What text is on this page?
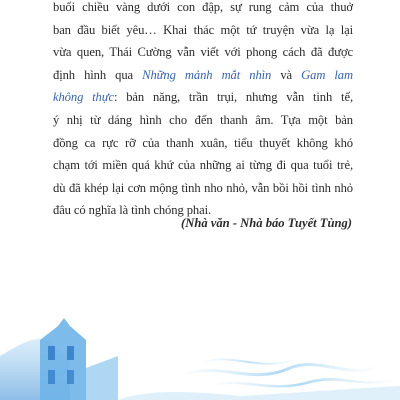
buổi chiều vàng dưới con đập, sự rung cảm của thuở
ban đầu biết yêu… Khai thác một tứ truyện vừa lạ lại
vừa quen, Thái Cường vẫn viết với phong cách đã được
định hình qua Những mảnh mắt nhìn và Gam lam
không thực: bản năng, trần trụi, nhưng vẫn tinh tế,
ý nhị từ dáng hình cho đến thanh âm. Tựa một bản
đồng ca rực rỡ của thanh xuân, tiểu thuyết không khó
chạm tới miền quá khứ của những ai từng đi qua tuổi trẻ,
dù đã khép lại cơn mộng tình nho nhỏ, vẫn bồi hồi tình nhỏ
đâu có nghĩa là tình chóng phai.
(Nhà văn - Nhà báo Tuyết Tùng)
